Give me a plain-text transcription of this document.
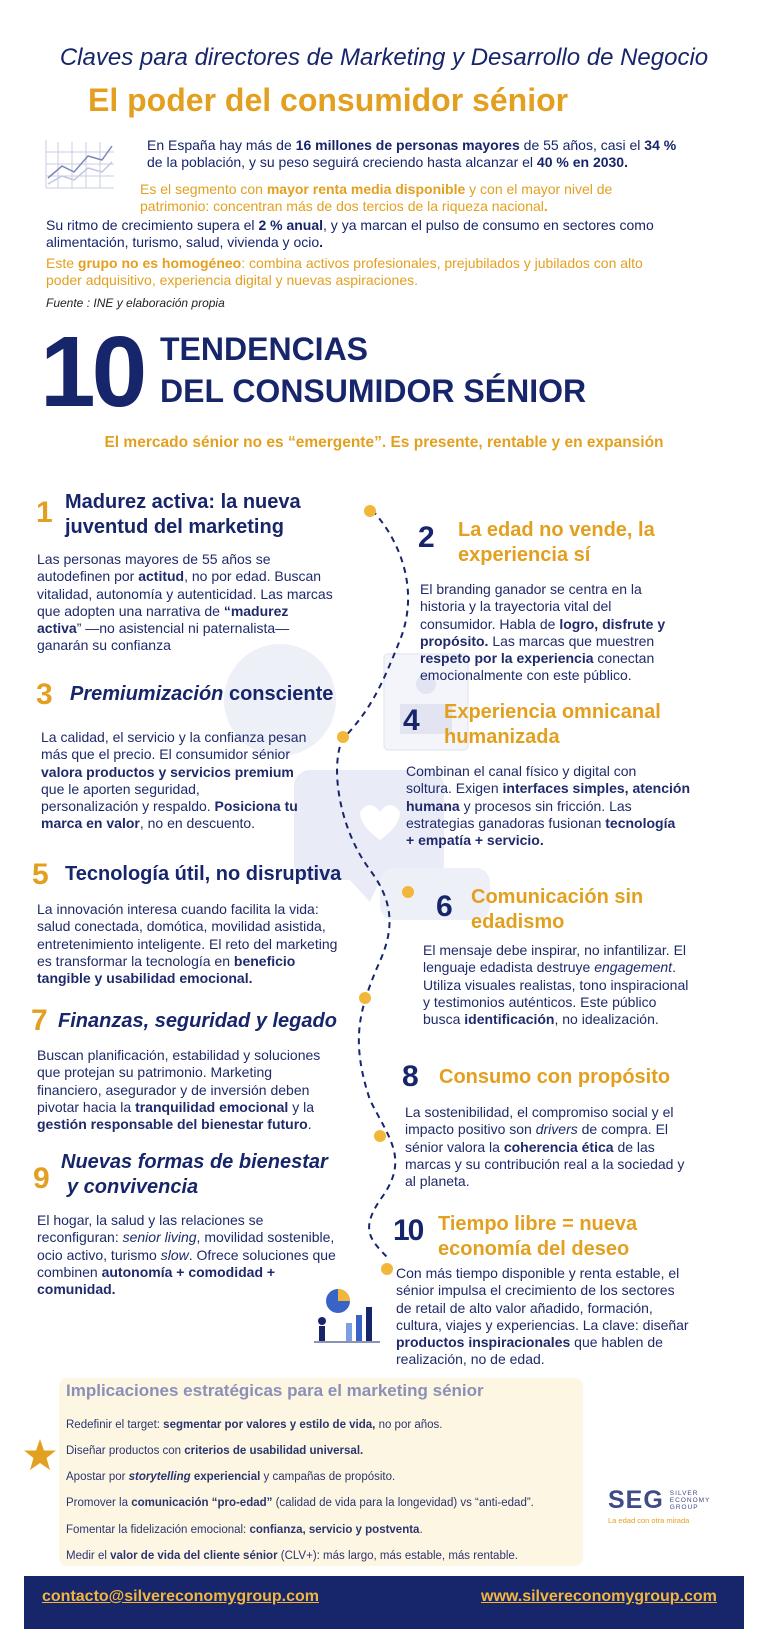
Claves para directores de Marketing y Desarrollo de Negocio
El poder del consumidor sénior
En España hay más de 16 millones de personas mayores de 55 años, casi el 34 %
de la población, y su peso seguirá creciendo hasta alcanzar el 40 % en 2030.
Es el segmento con mayor renta media disponible y con el mayor nivel de
patrimonio: concentran más de dos tercios de la riqueza nacional.
Su ritmo de crecimiento supera el 2 % anual, y ya marcan el pulso de consumo en sectores como
alimentación, turismo, salud, vivienda y ocio.
Este grupo no es homogéneo: combina activos profesionales, prejubilados y jubilados con alto
poder adquisitivo, experiencia digital y nuevas aspiraciones.
Fuente : INE y elaboración propia
10 TENDENCIAS
DEL CONSUMIDOR SÉNIOR
El mercado sénior no es “emergente”. Es presente, rentable y en expansión
1 Madurez activa: la nueva
juventud del marketing
Las personas mayores de 55 años se
autodefinen por actitud, no por edad. Buscan
vitalidad, autonomía y autenticidad. Las marcas
que adopten una narrativa de “madurez
activa” —no asistencial ni paternalista—
ganarán su confianza
2 La edad no vende, la
experiencia sí
El branding ganador se centra en la
historia y la trayectoria vital del
consumidor. Habla de logro, disfrute y
propósito. Las marcas que muestren
respeto por la experiencia conectan
emocionalmente con este público.
3 Premiumización consciente
La calidad, el servicio y la confianza pesan
más que el precio. El consumidor sénior
valora productos y servicios premium
que le aporten seguridad,
personalización y respaldo. Posiciona tu
marca en valor, no en descuento.
4 Experiencia omnicanal
humanizada
Combinan el canal físico y digital con
soltura. Exigen interfaces simples, atención
humana y procesos sin fricción. Las
estrategias ganadoras fusionan tecnología
+ empatía + servicio.
5 Tecnología útil, no disruptiva
La innovación interesa cuando facilita la vida:
salud conectada, domótica, movilidad asistida,
entretenimiento inteligente. El reto del marketing
es transformar la tecnología en beneficio
tangible y usabilidad emocional.
6 Comunicación sin
edadismo
El mensaje debe inspirar, no infantilizar. El
lenguaje edadista destruye engagement.
Utiliza visuales realistas, tono inspiracional
y testimonios auténticos. Este público
busca identificación, no idealización.
7 Finanzas, seguridad y legado
Buscan planificación, estabilidad y soluciones
que protejan su patrimonio. Marketing
financiero, asegurador y de inversión deben
pivotar hacia la tranquilidad emocional y la
gestión responsable del bienestar futuro.
8 Consumo con propósito
La sostenibilidad, el compromiso social y el
impacto positivo son drivers de compra. El
sénior valora la coherencia ética de las
marcas y su contribución real a la sociedad y
al planeta.
9 Nuevas formas de bienestar
y convivencia
El hogar, la salud y las relaciones se
reconfiguran: senior living, movilidad sostenible,
ocio activo, turismo slow. Ofrece soluciones que
combinen autonomía + comodidad +
comunidad.
10 Tiempo libre = nueva
economía del deseo
Con más tiempo disponible y renta estable, el
sénior impulsa el crecimiento de los sectores
de retail de alto valor añadido, formación,
cultura, viajes y experiencias. La clave: diseñar
productos inspiracionales que hablen de
realización, no de edad.
Implicaciones estratégicas para el marketing sénior
Redefinir el target: segmentar por valores y estilo de vida, no por años.
Diseñar productos con criterios de usabilidad universal.
Apostar por storytelling experiencial y campañas de propósito.
Promover la comunicación “pro-edad” (calidad de vida para la longevidad) vs “anti-edad”.
Fomentar la fidelización emocional: confianza, servicio y postventa.
Medir el valor de vida del cliente sénior (CLV+): más largo, más estable, más rentable.
SEG SILVER
ECONOMY
GROUP
La edad con otra mirada
contacto@silvereconomygroup.com	www.silvereconomygroup.com
